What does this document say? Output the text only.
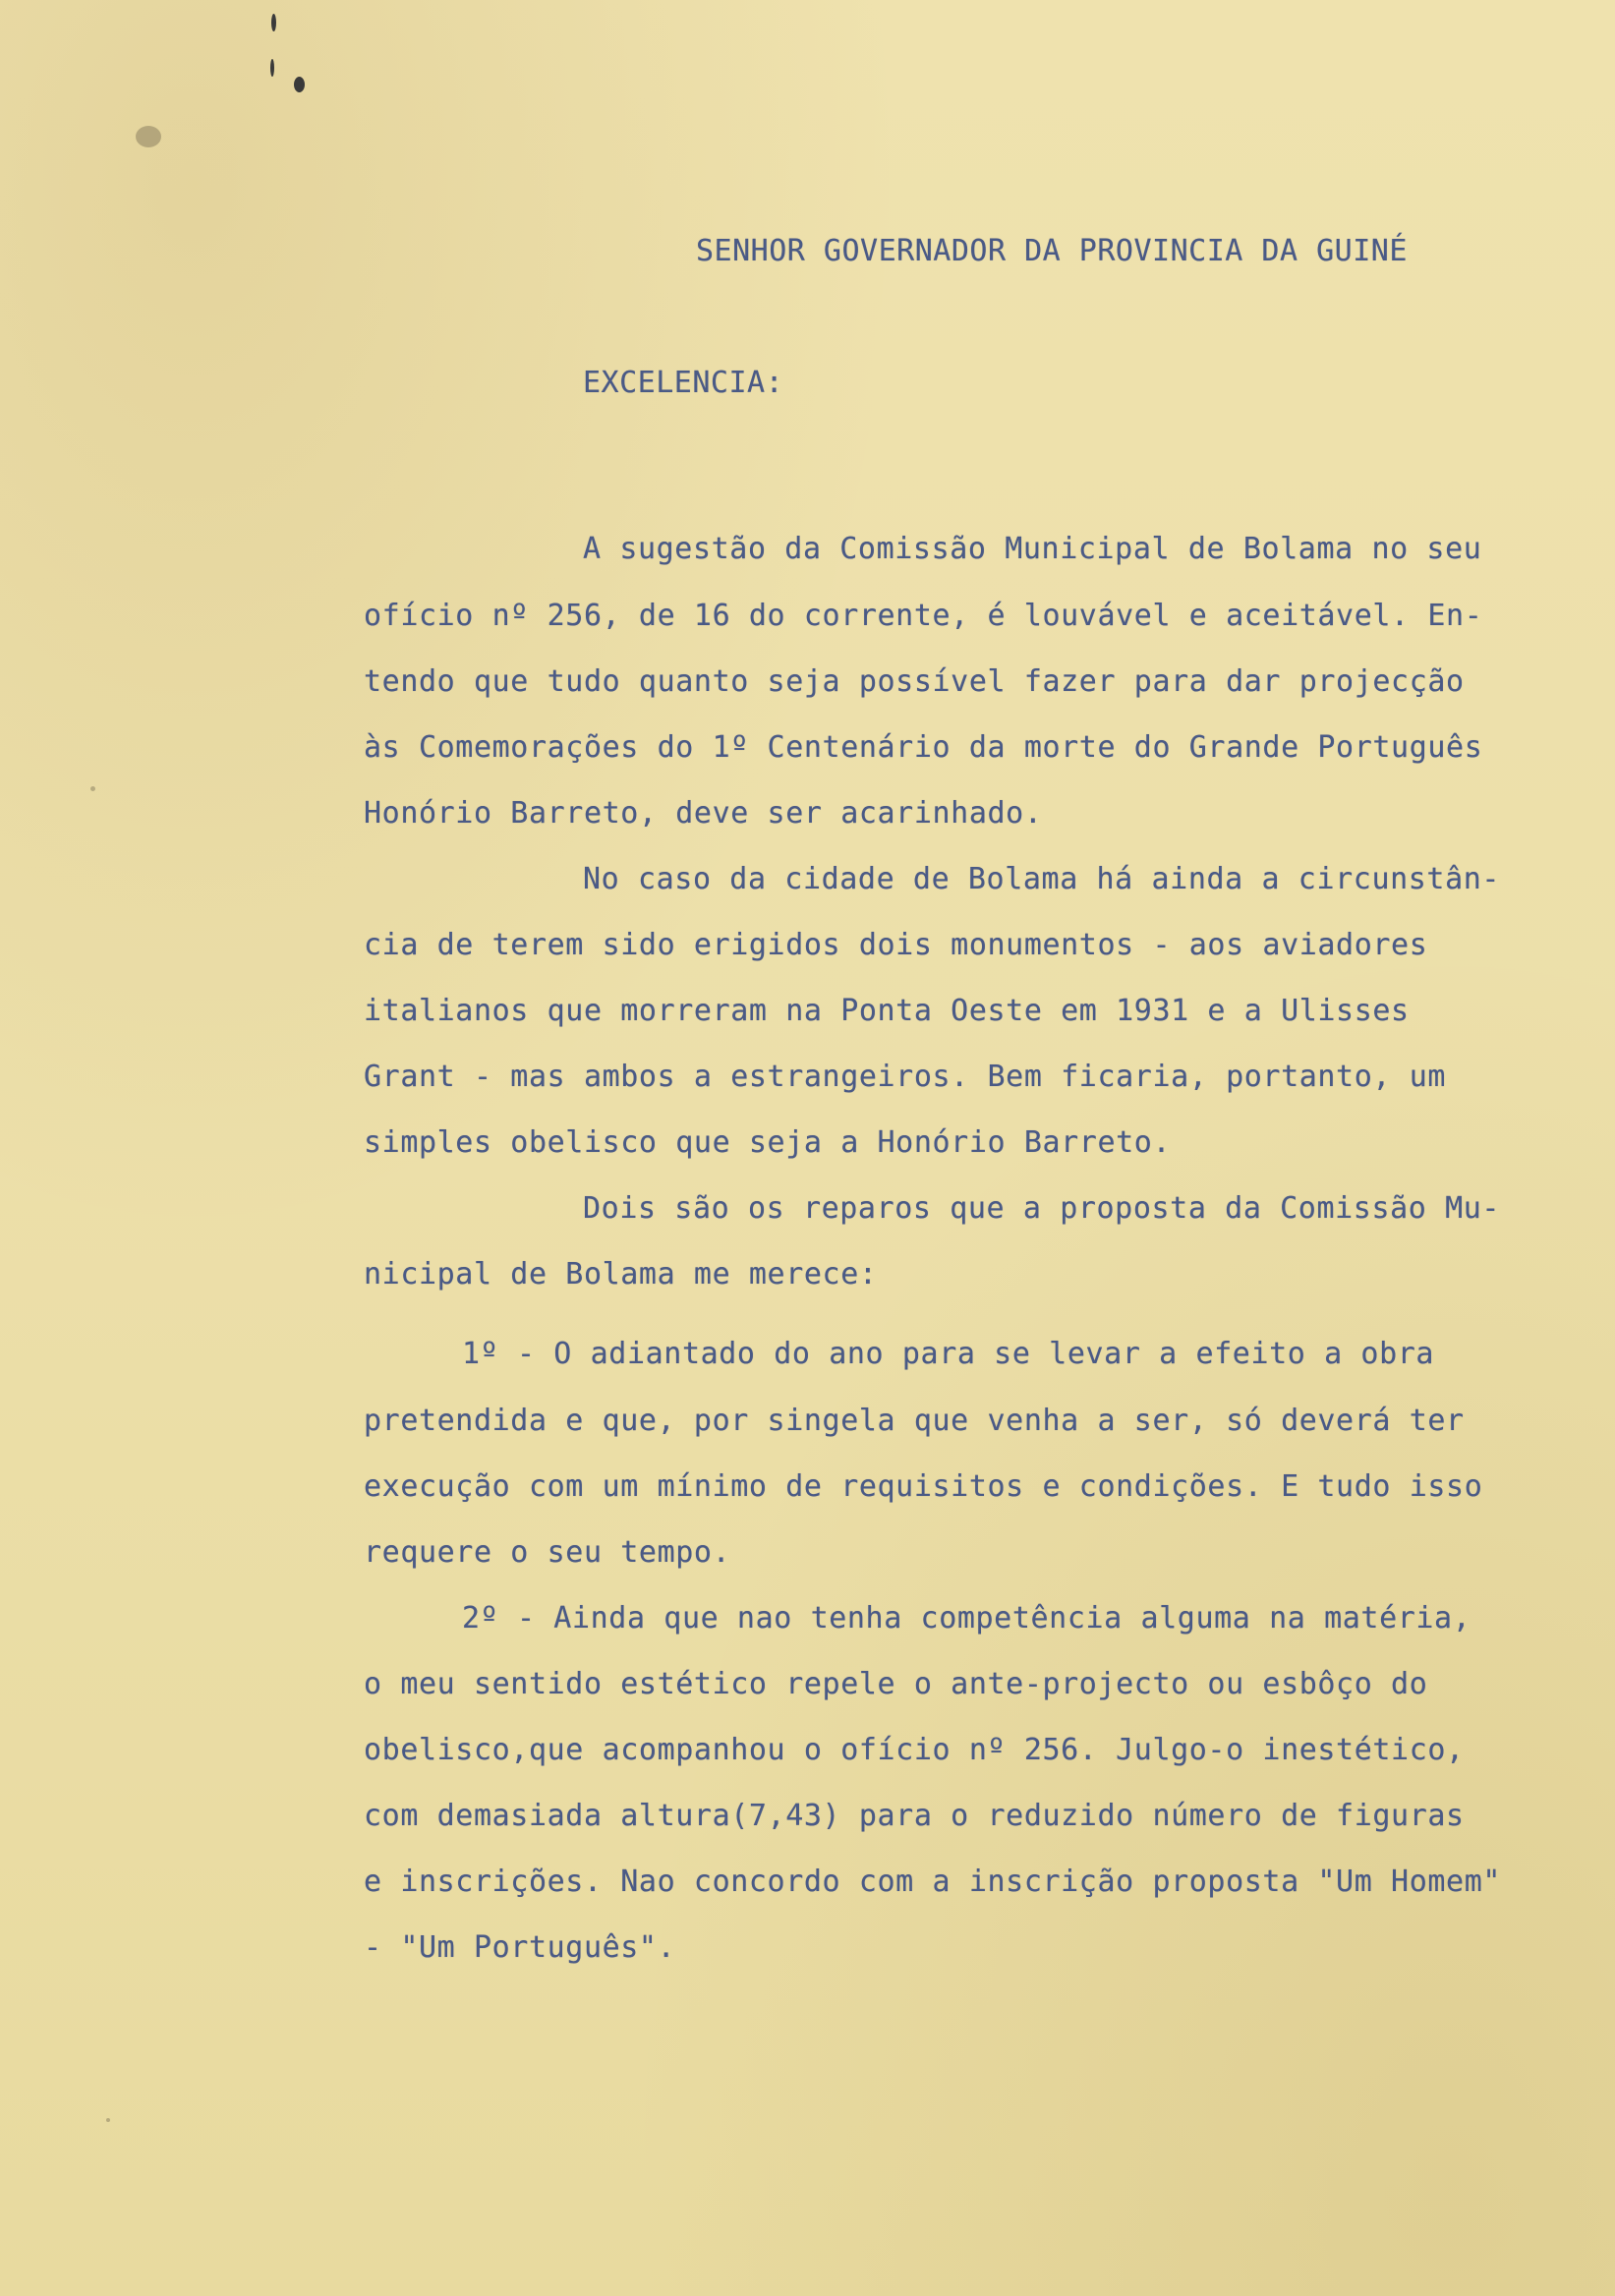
SENHOR GOVERNADOR DA PROVINCIA DA GUINÉ
EXCELENCIA:
A sugestão da Comissão Municipal de Bolama no seu
ofício nº 256, de 16 do corrente, é louvável e aceitável. En-
tendo que tudo quanto seja possível fazer para dar projecção
às Comemorações do 1º Centenário da morte do Grande Português
Honório Barreto, deve ser acarinhado.
No caso da cidade de Bolama há ainda a circunstân-
cia de terem sido erigidos dois monumentos - aos aviadores
italianos que morreram na Ponta Oeste em 1931 e a Ulisses
Grant - mas ambos a estrangeiros. Bem ficaria, portanto, um
simples obelisco que seja a Honório Barreto.
Dois são os reparos que a proposta da Comissão Mu-
nicipal de Bolama me merece:
1º - O adiantado do ano para se levar a efeito a obra
pretendida e que, por singela que venha a ser, só deverá ter
execução com um mínimo de requisitos e condições. E tudo isso
requere o seu tempo.
2º - Ainda que nao tenha competência alguma na matéria,
o meu sentido estético repele o ante-projecto ou esbôço do
obelisco,que acompanhou o ofício nº 256. Julgo-o inestético,
com demasiada altura(7,43) para o reduzido número de figuras
e inscrições. Nao concordo com a inscrição proposta "Um Homem"
- "Um Português".
